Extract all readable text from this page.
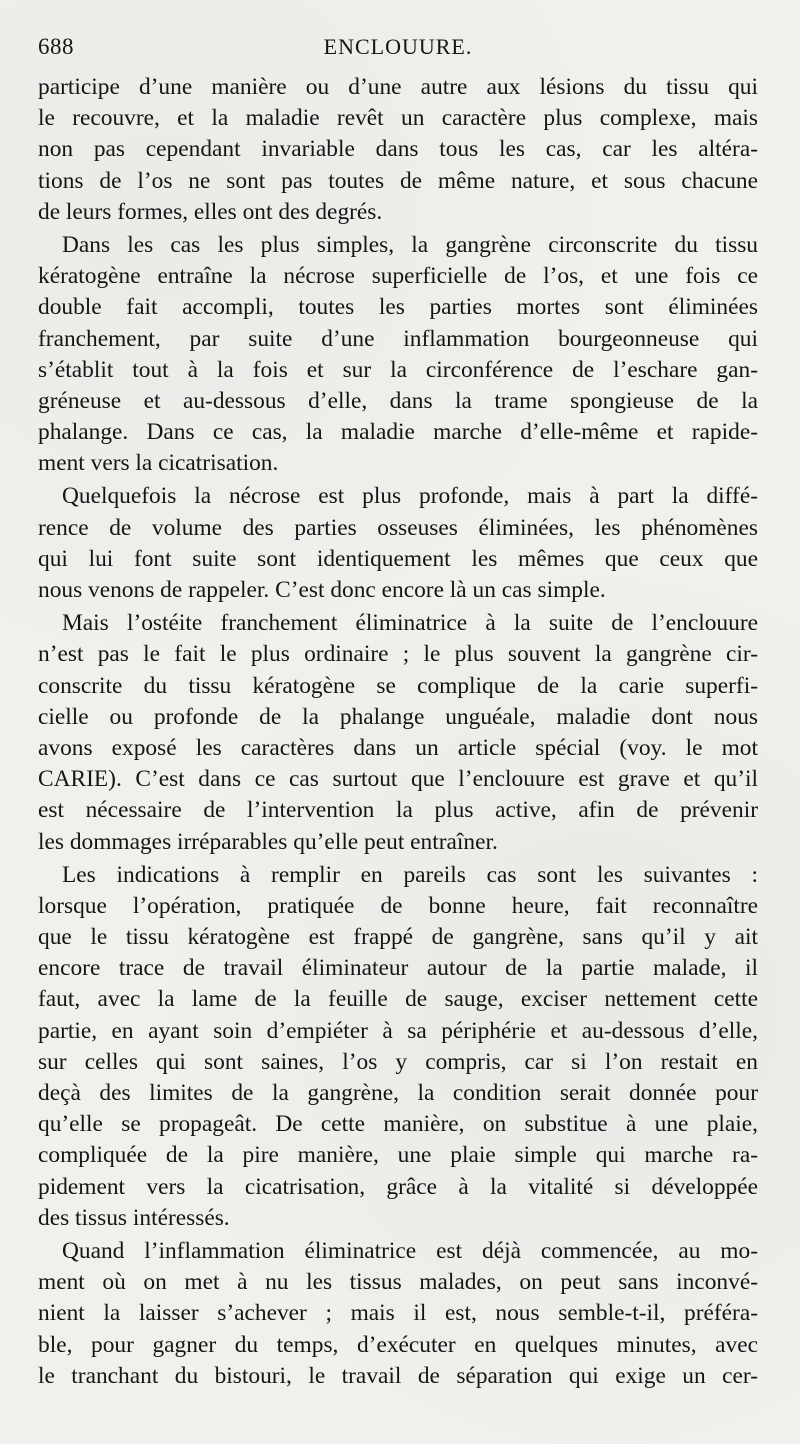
688	ENCLOUURE.
participe d’une manière ou d’une autre aux lésions du tissu qui
le recouvre, et la maladie revêt un caractère plus complexe, mais
non pas cependant invariable dans tous les cas, car les altéra-
tions de l’os ne sont pas toutes de même nature, et sous chacune
de leurs formes, elles ont des degrés.
Dans les cas les plus simples, la gangrène circonscrite du tissu
kératogène entraîne la nécrose superficielle de l’os, et une fois ce
double fait accompli, toutes les parties mortes sont éliminées
franchement, par suite d’une inflammation bourgeonneuse qui
s’établit tout à la fois et sur la circonférence de l’eschare gan-
gréneuse et au-dessous d’elle, dans la trame spongieuse de la
phalange. Dans ce cas, la maladie marche d’elle-même et rapide-
ment vers la cicatrisation.
Quelquefois la nécrose est plus profonde, mais à part la diffé-
rence de volume des parties osseuses éliminées, les phénomènes
qui lui font suite sont identiquement les mêmes que ceux que
nous venons de rappeler. C’est donc encore là un cas simple.
Mais l’ostéite franchement éliminatrice à la suite de l’enclouure
n’est pas le fait le plus ordinaire ; le plus souvent la gangrène cir-
conscrite du tissu kératogène se complique de la carie superfi-
cielle ou profonde de la phalange unguéale, maladie dont nous
avons exposé les caractères dans un article spécial (voy. le mot
CARIE). C’est dans ce cas surtout que l’enclouure est grave et qu’il
est nécessaire de l’intervention la plus active, afin de prévenir
les dommages irréparables qu’elle peut entraîner.
Les indications à remplir en pareils cas sont les suivantes :
lorsque l’opération, pratiquée de bonne heure, fait reconnaître
que le tissu kératogène est frappé de gangrène, sans qu’il y ait
encore trace de travail éliminateur autour de la partie malade, il
faut, avec la lame de la feuille de sauge, exciser nettement cette
partie, en ayant soin d’empiéter à sa périphérie et au-dessous d’elle,
sur celles qui sont saines, l’os y compris, car si l’on restait en
deçà des limites de la gangrène, la condition serait donnée pour
qu’elle se propageât. De cette manière, on substitue à une plaie,
compliquée de la pire manière, une plaie simple qui marche ra-
pidement vers la cicatrisation, grâce à la vitalité si développée
des tissus intéressés.
Quand l’inflammation éliminatrice est déjà commencée, au mo-
ment où on met à nu les tissus malades, on peut sans inconvé-
nient la laisser s’achever ; mais il est, nous semble-t-il, préféra-
ble, pour gagner du temps, d’exécuter en quelques minutes, avec
le tranchant du bistouri, le travail de séparation qui exige un cer-
